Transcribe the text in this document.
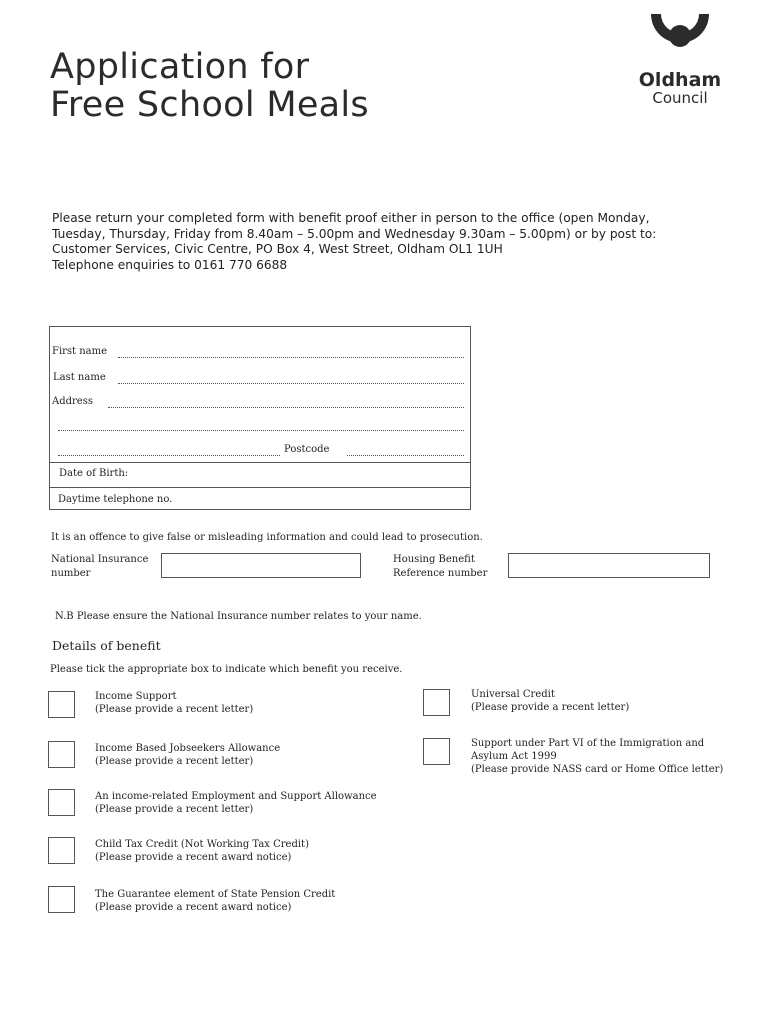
Application for
Free School Meals
Oldham
Council
Please return your completed form with benefit proof either in person to the office (open Monday,
Tuesday, Thursday, Friday from 8.40am – 5.00pm and Wednesday 9.30am – 5.00pm) or by post to:
Customer Services, Civic Centre, PO Box 4, West Street, Oldham OL1 1UH
Telephone enquiries to 0161 770 6688
First name
Last name
Address
Postcode
Date of Birth:
Daytime telephone no.
It is an offence to give false or misleading information and could lead to prosecution.
National Insurance
number
Housing Benefit
Reference number
N.B Please ensure the National Insurance number relates to your name.
Details of benefit
Please tick the appropriate box to indicate which benefit you receive.
Income Support
(Please provide a recent letter)
Income Based Jobseekers Allowance
(Please provide a recent letter)
An income-related Employment and Support Allowance
(Please provide a recent letter)
Child Tax Credit (Not Working Tax Credit)
(Please provide a recent award notice)
The Guarantee element of State Pension Credit
(Please provide a recent award notice)
Universal Credit
(Please provide a recent letter)
Support under Part VI of the Immigration and
Asylum Act 1999
(Please provide NASS card or Home Office letter)
